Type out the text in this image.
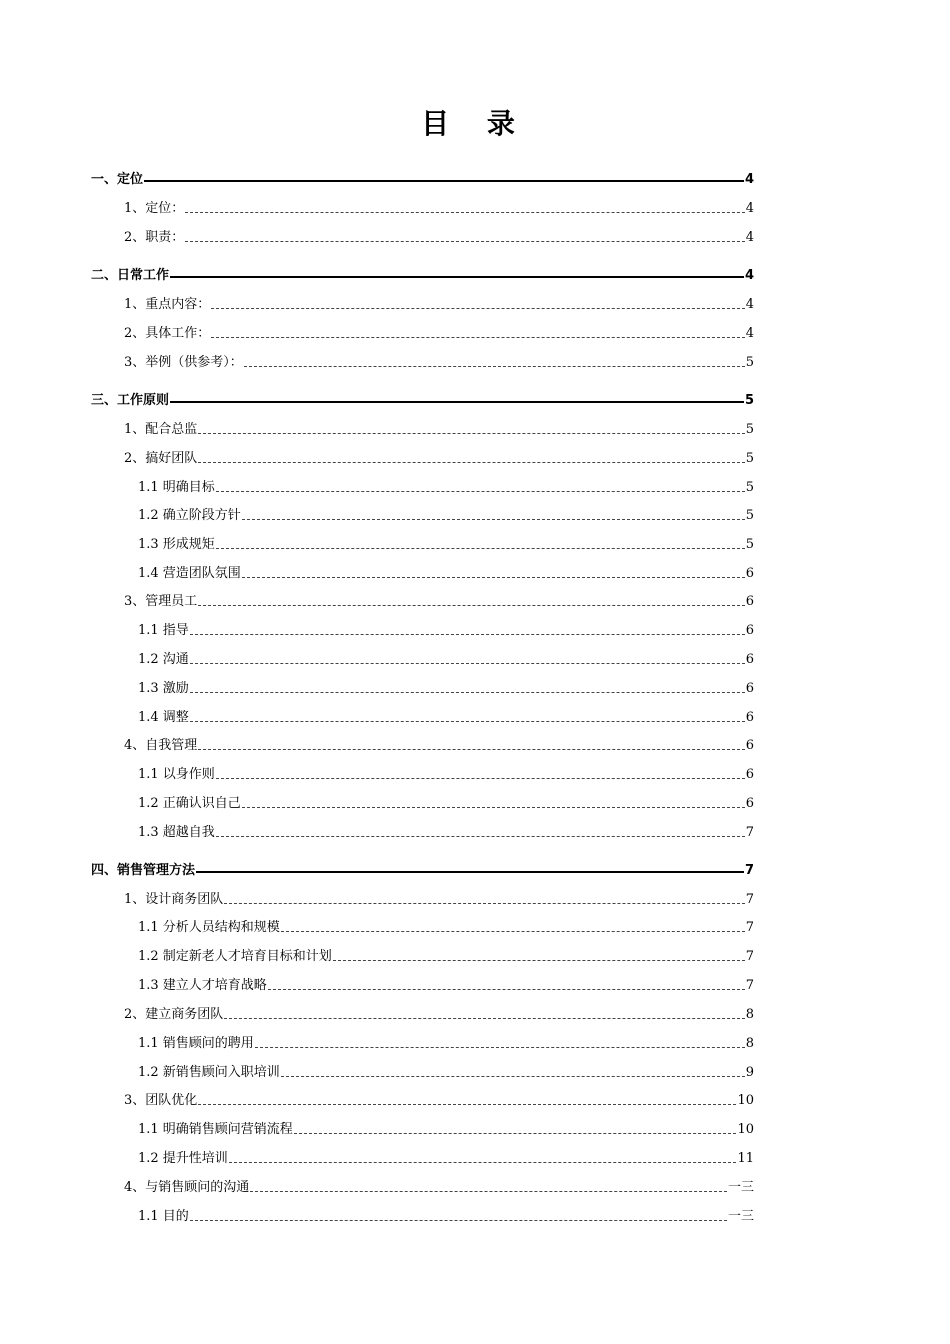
目 录
一、定位	4
1、定位：	4
2、职责：	4
二、日常工作	4
1、重点内容：	4
2、具体工作：	4
3、举例（供参考）：	5
三、工作原则	5
1、配合总监	5
2、搞好团队	5
1.1 明确目标	5
1.2 确立阶段方针	5
1.3 形成规矩	5
1.4 营造团队氛围	6
3、管理员工	6
1.1 指导	6
1.2 沟通	6
1.3 激励	6
1.4 调整	6
4、自我管理	6
1.1 以身作则	6
1.2 正确认识自己	6
1.3 超越自我	7
四、销售管理方法	7
1、设计商务团队	7
1.1 分析人员结构和规模	7
1.2 制定新老人才培育目标和计划	7
1.3 建立人才培育战略	7
2、建立商务团队	8
1.1 销售顾问的聘用	8
1.2 新销售顾问入职培训	9
3、团队优化	10
1.1 明确销售顾问营销流程	10
1.2 提升性培训	11
4、与销售顾问的沟通	一三
1.1 目的	一三
